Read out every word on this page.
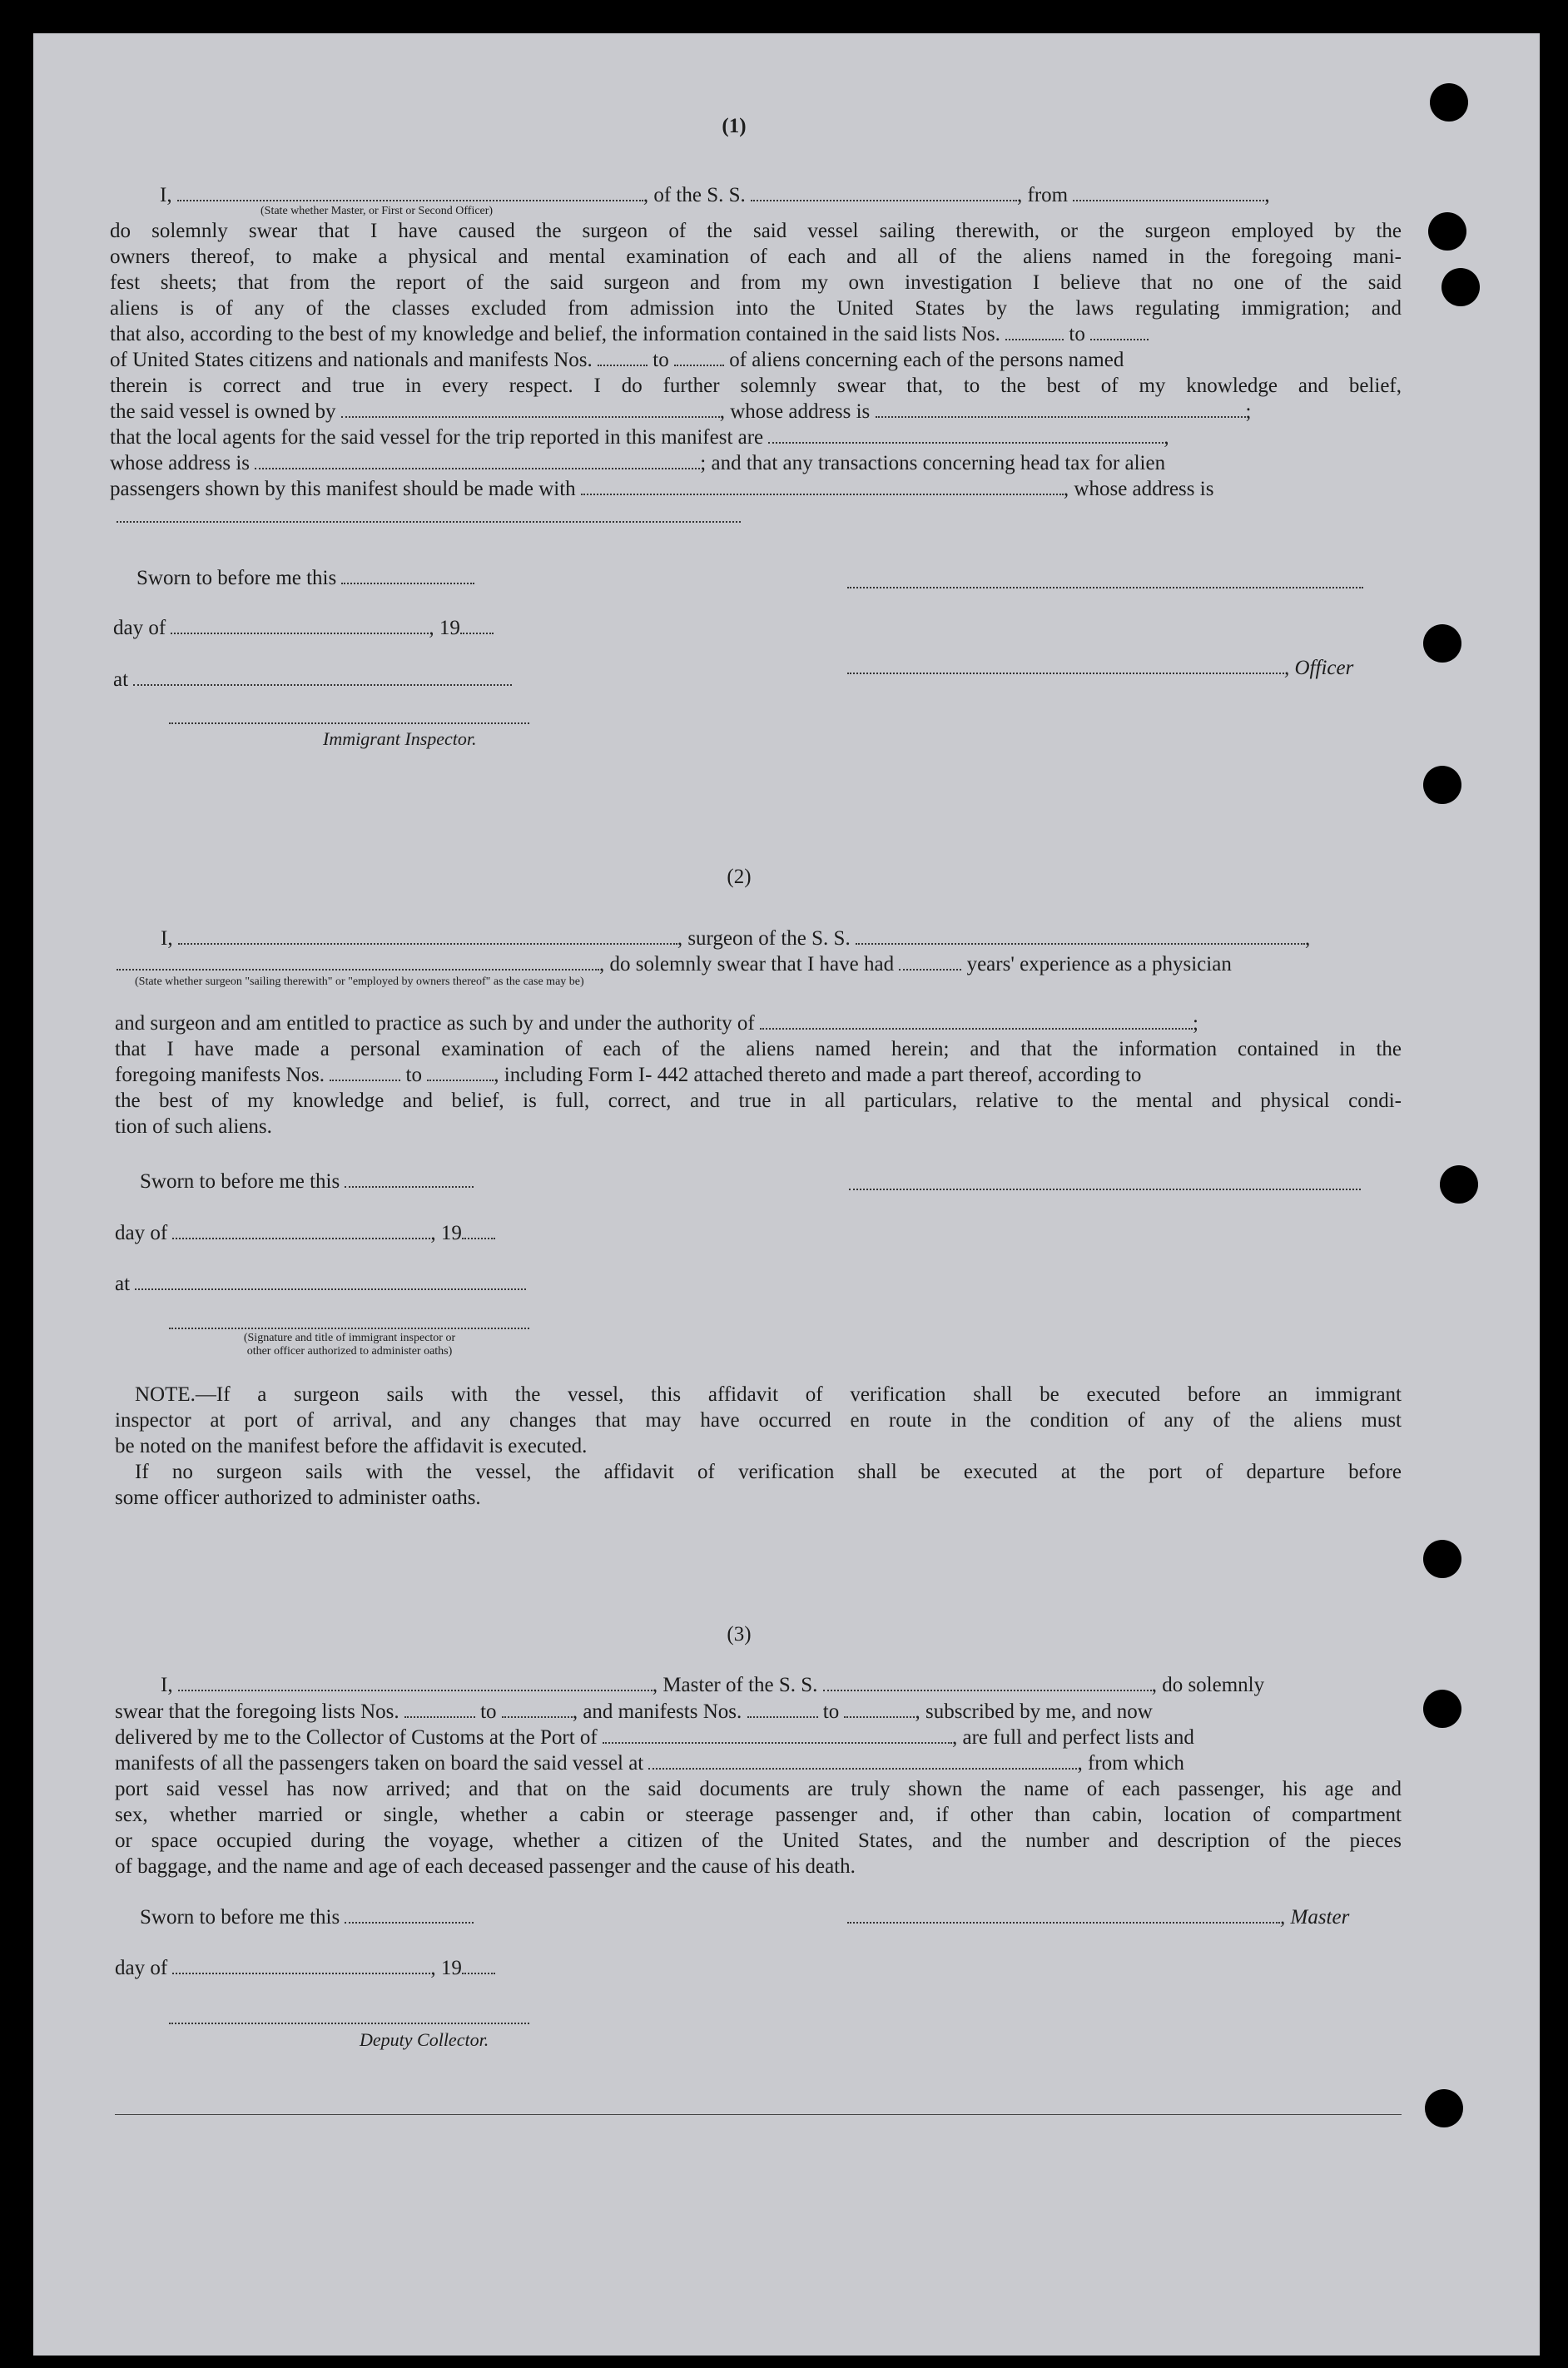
(1)
I,	, of the S. S.	, from	,
(State whether Master, or First or Second Officer)
do solemnly swear that I have caused the surgeon of the said vessel sailing therewith, or the surgeon employed by the
owners thereof, to make a physical and mental examination of each and all of the aliens named in the foregoing mani-
fest sheets; that from the report of the said surgeon and from my own investigation I believe that no one of the said
aliens is of any of the classes excluded from admission into the United States by the laws regulating immigration; and
that also, according to the best of my knowledge and belief, the information contained in the said lists Nos.	to
of United States citizens and nationals and manifests Nos.	to	of aliens concerning each of the persons named
therein is correct and true in every respect. I do further solemnly swear that, to the best of my knowledge and belief,
the said vessel is owned by	, whose address is	;
that the local agents for the said vessel for the trip reported in this manifest are	,
whose address is	; and that any transactions concerning head tax for alien
passengers shown by this manifest should be made with	, whose address is
Sworn to before me this
day of	, 19
, Officer
at
Immigrant Inspector.
(2)
I,	, surgeon of the S. S.	,
, do solemnly swear that I have had	years' experience as a physician
(State whether surgeon "sailing therewith" or "employed by owners thereof" as the case may be)
and surgeon and am entitled to practice as such by and under the authority of	;
that I have made a personal examination of each of the aliens named herein; and that the information contained in the
foregoing manifests Nos.	to	, including Form I- 442 attached thereto and made a part thereof, according to
the best of my knowledge and belief, is full, correct, and true in all particulars, relative to the mental and physical condi-
tion of such aliens.
Sworn to before me this
day of	, 19
at
(Signature and title of immigrant inspector or
other officer authorized to administer oaths)
NOTE.—If a surgeon sails with the vessel, this affidavit of verification shall be executed before an immigrant
inspector at port of arrival, and any changes that may have occurred en route in the condition of any of the aliens must
be noted on the manifest before the affidavit is executed.
If no surgeon sails with the vessel, the affidavit of verification shall be executed at the port of departure before
some officer authorized to administer oaths.
(3)
I,	, Master of the S. S.	, do solemnly
swear that the foregoing lists Nos.	to	, and manifests Nos.	to	, subscribed by me, and now
delivered by me to the Collector of Customs at the Port of	, are full and perfect lists and
manifests of all the passengers taken on board the said vessel at	, from which
port said vessel has now arrived; and that on the said documents are truly shown the name of each passenger, his age and
sex, whether married or single, whether a cabin or steerage passenger and, if other than cabin, location of compartment
or space occupied during the voyage, whether a citizen of the United States, and the number and description of the pieces
of baggage, and the name and age of each deceased passenger and the cause of his death.
Sworn to before me this	, Master
day of	, 19
Deputy Collector.
